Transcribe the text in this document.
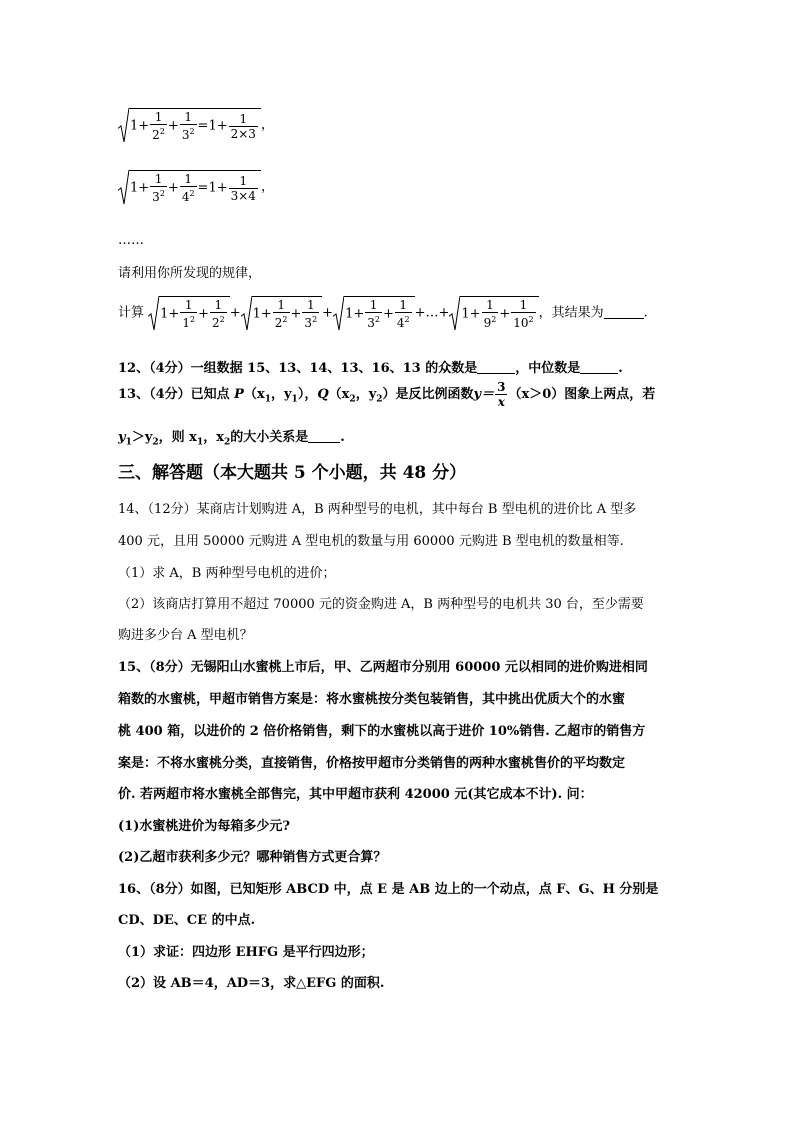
$1+ \frac{1}{2^2} + \frac{1}{3^2} =1+ \frac{1}{2\times 3}$ ，
$1+ \frac{1}{3^2} + \frac{1}{4^2} =1+ \frac{1}{3\times 4}$ ，
……
请利用你所发现的规律，
计算 $1+ \frac{1}{1^2} + \frac{1}{2^2} + 1+ \frac{1}{2^2} + \frac{1}{3^2} + 1+ \frac{1}{3^2} + \frac{1}{4^2}$ +…+ $1+ \frac{1}{9^2} + \frac{1}{10^2}$ ，其结果为	.
12、（4分）一组数据 15、13、14、13、16、13 的众数是	，中位数是	.
13、（4分）已知点 $P(x_1$，$y_1$），$Q(x_2$，$y_2$）是反比例函数$y= \frac{3}{x} (x>0)$图象上两点，若
$y_1>y_2$，则 $x_1$，$x_2$的大小关系是 .
三、解答题（本大题共 5 个小题，共 48 分）
14、（12分）某商店计划购进 A，B 两种型号的电机，其中每台 B 型电机的进价比 A 型多
400 元，且用 50000 元购进 A 型电机的数量与用 60000 元购进 B 型电机的数量相等.
（1）求 A，B 两种型号电机的进价；
（2）该商店打算用不超过 70000 元的资金购进 A，B 两种型号的电机共 30 台，至少需要
购进多少台 A 型电机？
15、（8分）无锡阳山水蜜桃上市后，甲、乙两超市分别用 60000 元以相同的进价购进相同
箱数的水蜜桃，甲超市销售方案是：将水蜜桃按分类包装销售，其中挑出优质大个的水蜜
桃 400 箱，以进价的 2 倍价格销售，剩下的水蜜桃以高于进价 10%销售. 乙超市的销售方
案是：不将水蜜桃分类，直接销售，价格按甲超市分类销售的两种水蜜桃售价的平均数定
价. 若两超市将水蜜桃全部售完，其中甲超市获利 42000 元(其它成本不计). 问：
(1)水蜜桃进价为每箱多少元?
(2)乙超市获利多少元？哪种销售方式更合算？
16、（8分）如图，已知矩形 ABCD 中，点 E 是 AB 边上的一个动点，点 F、G、H 分别是
CD、DE、CE 的中点.
（1）求证：四边形 EHFG 是平行四边形；
（2）设 AB＝4，AD＝3，求△EFG 的面积.
